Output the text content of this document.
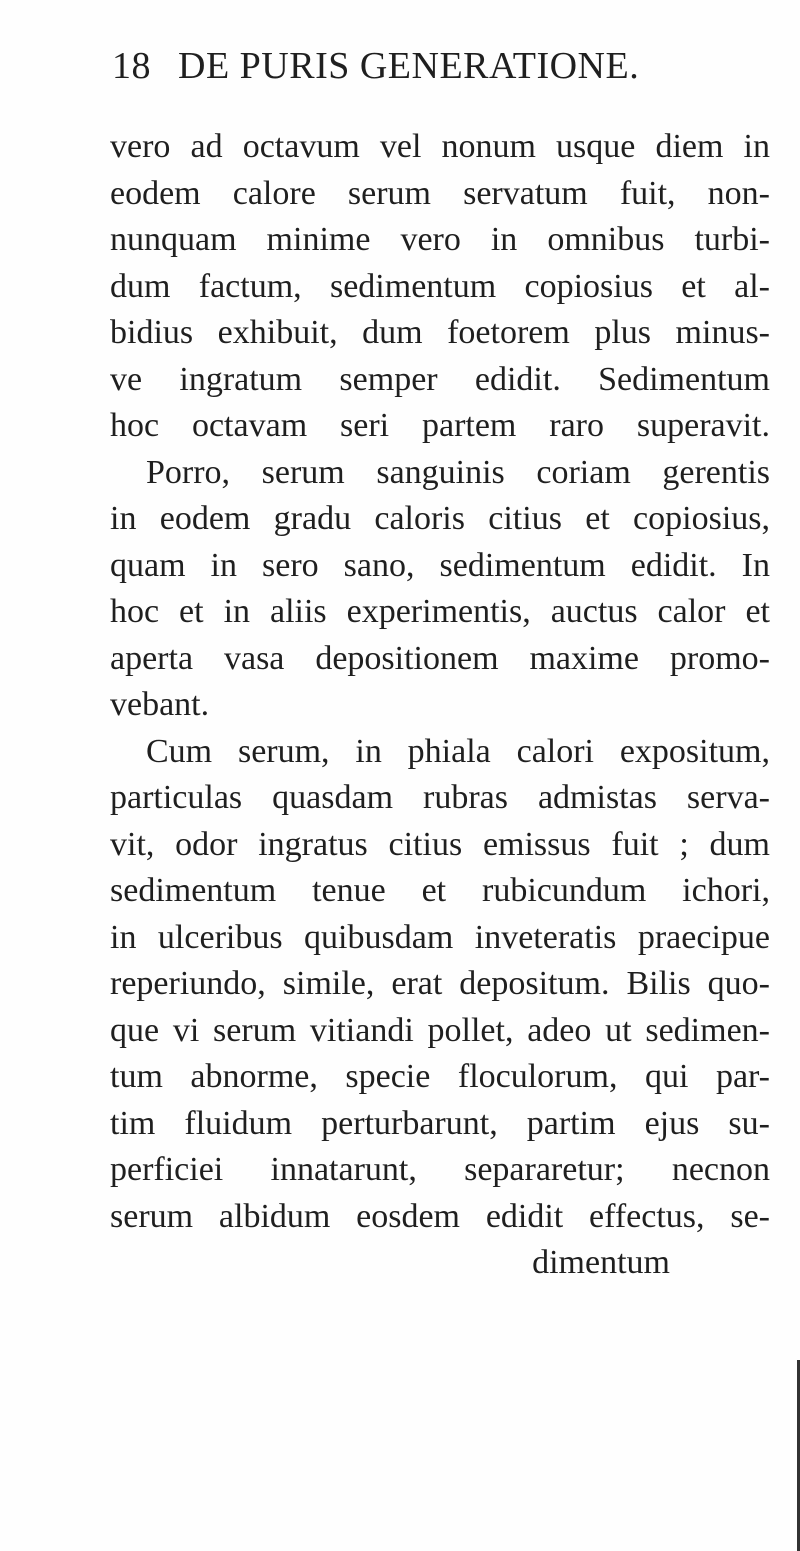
18 DE PURIS GENERATIONE.
vero ad octavum vel nonum usque diem in
eodem calore serum servatum fuit, non-
nunquam minime vero in omnibus turbi-
dum factum, sedimentum copiosius et al-
bidius exhibuit, dum foetorem plus minus-
ve ingratum semper edidit. Sedimentum
hoc octavam seri partem raro superavit.
Porro, serum sanguinis coriam gerentis
in eodem gradu caloris citius et copiosius,
quam in sero sano, sedimentum edidit. In
hoc et in aliis experimentis, auctus calor et
aperta vasa depositionem maxime promo-
vebant.
Cum serum, in phiala calori expositum,
particulas quasdam rubras admistas serva-
vit, odor ingratus citius emissus fuit ; dum
sedimentum tenue et rubicundum ichori,
in ulceribus quibusdam inveteratis praecipue
reperiundo, simile, erat depositum. Bilis quo-
que vi serum vitiandi pollet, adeo ut sedimen-
tum abnorme, specie floculorum, qui par-
tim fluidum perturbarunt, partim ejus su-
perficiei innatarunt, separaretur; necnon
serum albidum eosdem edidit effectus, se-
dimentum
